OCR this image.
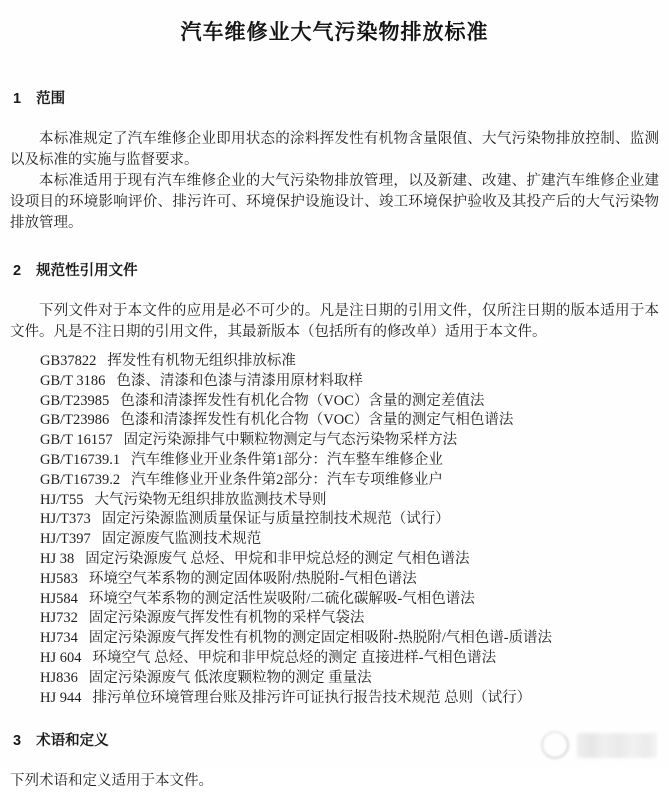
汽车维修业大气污染物排放标准
1 范围

本标准规定了汽车维修企业即用状态的涂料挥发性有机物含量限值、大气污染物排放控制、监测以及标准的实施与监督要求。

本标准适用于现有汽车维修企业的大气污染物排放管理，以及新建、改建、扩建汽车维修企业建设项目的环境影响评价、排污许可、环境保护设施设计、竣工环境保护验收及其投产后的大气污染物排放管理。

2 规范性引用文件

下列文件对于本文件的应用是必不可少的。凡是注日期的引用文件，仅所注日期的版本适用于本文件。凡是不注日期的引用文件，其最新版本（包括所有的修改单）适用于本文件。

GB37822 挥发性有机物无组织排放标准
GB/T 3186 色漆、清漆和色漆与清漆用原材料取样
GB/T23985 色漆和清漆挥发性有机化合物（VOC）含量的测定差值法
GB/T23986 色漆和清漆挥发性有机化合物（VOC）含量的测定气相色谱法
GB/T 16157 固定污染源排气中颗粒物测定与气态污染物采样方法
GB/T16739.1 汽车维修业开业条件第1部分：汽车整车维修企业
GB/T16739.2 汽车维修业开业条件第2部分：汽车专项维修业户
HJ/T55 大气污染物无组织排放监测技术导则
HJ/T373 固定污染源监测质量保证与质量控制技术规范（试行）
HJ/T397 固定源废气监测技术规范
HJ 38 固定污染源废气 总烃、甲烷和非甲烷总烃的测定 气相色谱法
HJ583 环境空气苯系物的测定固体吸附/热脱附-气相色谱法
HJ584 环境空气苯系物的测定活性炭吸附/二硫化碳解吸-气相色谱法
HJ732 固定污染源废气挥发性有机物的采样气袋法
HJ734 固定污染源废气挥发性有机物的测定固定相吸附-热脱附/气相色谱-质谱法
HJ 604 环境空气 总烃、甲烷和非甲烷总烃的测定 直接进样-气相色谱法
HJ836 固定污染源废气 低浓度颗粒物的测定 重量法
HJ 944 排污单位环境管理台账及排污许可证执行报告技术规范 总则（试行）
3 术语和定义

下列术语和定义适用于本文件。
